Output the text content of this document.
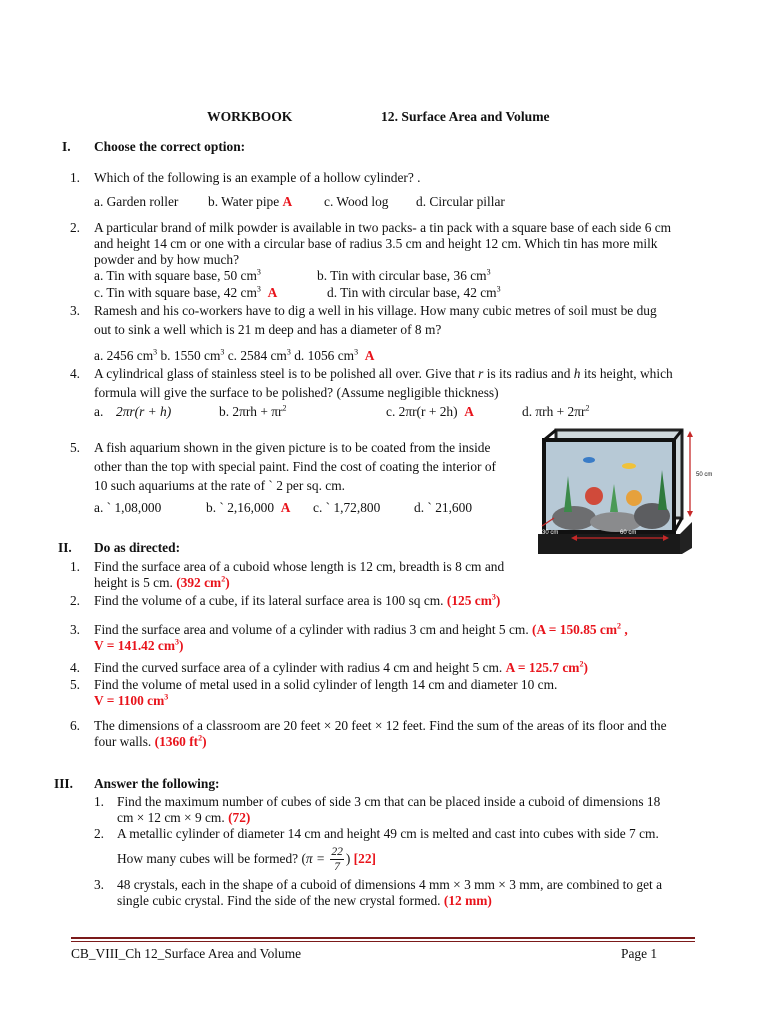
WORKBOOK	12. Surface Area and Volume
I. Choose the correct option:
1. Which of the following is an example of a hollow cylinder? .
a. Garden roller b. Water pipe A c. Wood log d. Circular pillar
2. A particular brand of milk powder is available in two packs- a tin pack with a square base of each side 6 cm
and height 14 cm or one with a circular base of radius 3.5 cm and height 12 cm. Which tin has more milk
powder and by how much?
a. Tin with square base, 50 $cm^3$	b. Tin with circular base, 36 $cm^3$
c. Tin with square base, 42 $cm^3$ A	d. Tin with circular base, 42 $cm^3$
3. Ramesh and his co-workers have to dig a well in his village. How many cubic metres of soil must be dug
out to sink a well which is 21 m deep and has a diameter of 8 m?
a. 2456 $cm^3$ b. 1550 $cm^3$ c. 2584 $cm^3$ d. 1056 $cm^3$ A
4. A cylindrical glass of stainless steel is to be polished all over. Give that r is its radius and h its height, which
formula will give the surface to be polished? (Assume negligible thickness)
a. 2πr(r + h)	b. $2\pi rh + \pi r^2$	c. 2πr(r + 2h) A	d. $\pi rh + 2\pi r^2$
5. A fish aquarium shown in the given picture is to be coated from the inside
other than the top with special paint. Find the cost of coating the interior of
10 such aquariums at the rate of ` 2 per sq. cm.
a. ` 1,08,000	b. ` 2,16,000 A c. ` 1,72,800	d. ` 21,600
50 cm
30 cm	60 cm
II. Do as directed:
1. Find the surface area of a cuboid whose length is 12 cm, breadth is 8 cm and
height is 5 cm. (392 $cm^2$)
2. Find the volume of a cube, if its lateral surface area is 100 sq cm. (125 $cm^3$)
3. Find the surface area and volume of a cylinder with radius 3 cm and height 5 cm. (A = 150.85 $cm^2$ ,
V = 141.42 $cm^3$)
4. Find the curved surface area of a cylinder with radius 4 cm and height 5 cm. A = 125.7 $cm^2$)
5. Find the volume of metal used in a solid cylinder of length 14 cm and diameter 10 cm.
V = 1100 $cm^3$
6. The dimensions of a classroom are 20 feet × 20 feet × 12 feet. Find the sum of the areas of its floor and the
four walls. (1360 $ft^2$)
III. Answer the following:
1. Find the maximum number of cubes of side 3 cm that can be placed inside a cuboid of dimensions 18
cm × 12 cm × 9 cm. (72)
2. A metallic cylinder of diameter 14 cm and height 49 cm is melted and cast into cubes with side 7 cm.
How many cubes will be formed? ($\pi = \frac{22}{7}$ ) [22]
3. 48 crystals, each in the shape of a cuboid of dimensions 4 mm × 3 mm × 3 mm, are combined to get a
single cubic crystal. Find the side of the new crystal formed. (12 mm)
CB_VIII_Ch 12_Surface Area and Volume	Page 1
